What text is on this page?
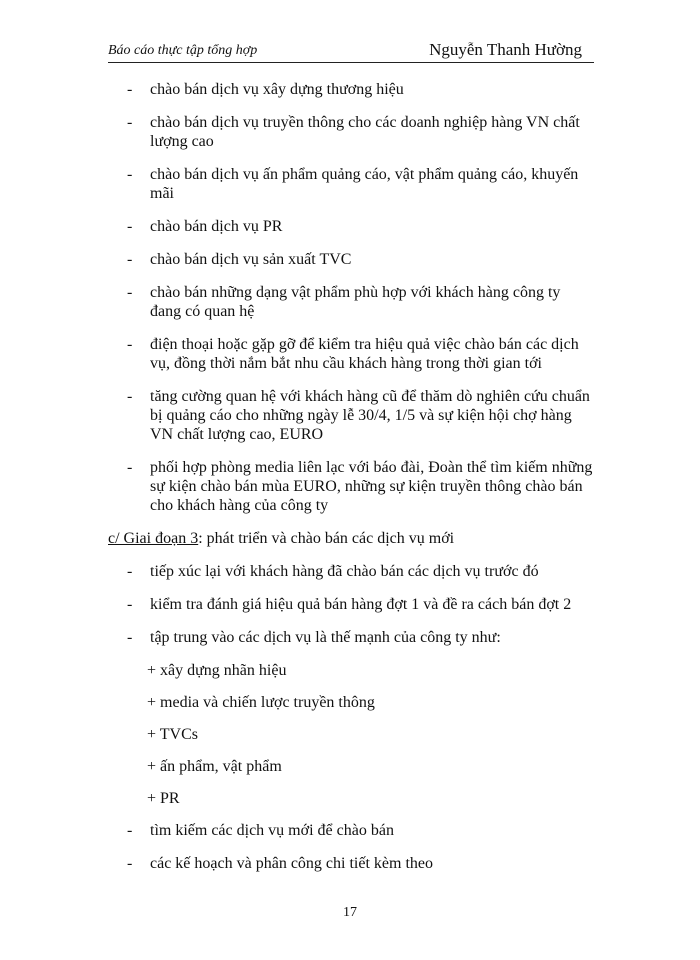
Báo cáo thực tập tổng hợp	Nguyễn Thanh Hường
- chào bán dịch vụ xây dựng thương hiệu
- chào bán dịch vụ truyền thông cho các doanh nghiệp hàng VN chất lượng cao
- chào bán dịch vụ ấn phẩm quảng cáo, vật phẩm quảng cáo, khuyến mãi
- chào bán dịch vụ PR
- chào bán dịch vụ sản xuất TVC
- chào bán những dạng vật phẩm phù hợp với khách hàng công ty đang có quan hệ
- điện thoại hoặc gặp gỡ để kiểm tra hiệu quả việc chào bán các dịch vụ, đồng thời nắm bắt nhu cầu khách hàng trong thời gian tới
- tăng cường quan hệ với khách hàng cũ để thăm dò nghiên cứu chuẩn bị quảng cáo cho những ngày lễ 30/4, 1/5 và sự kiện hội chợ hàng VN chất lượng cao, EURO
- phối hợp phòng media liên lạc với báo đài, Đoàn thể tìm kiếm những sự kiện chào bán mùa EURO, những sự kiện truyền thông chào bán cho khách hàng của công ty
c/ Giai đoạn 3: phát triển và chào bán các dịch vụ mới
- tiếp xúc lại với khách hàng đã chào bán các dịch vụ trước đó
- kiểm tra đánh giá hiệu quả bán hàng đợt 1 và đề ra cách bán đợt 2
- tập trung vào các dịch vụ là thế mạnh của công ty như:
+ xây dựng nhãn hiệu
+ media và chiến lược truyền thông
+ TVCs
+ ấn phẩm, vật phẩm
+ PR
- tìm kiếm các dịch vụ mới để chào bán
- các kế hoạch và phân công chi tiết kèm theo
17
